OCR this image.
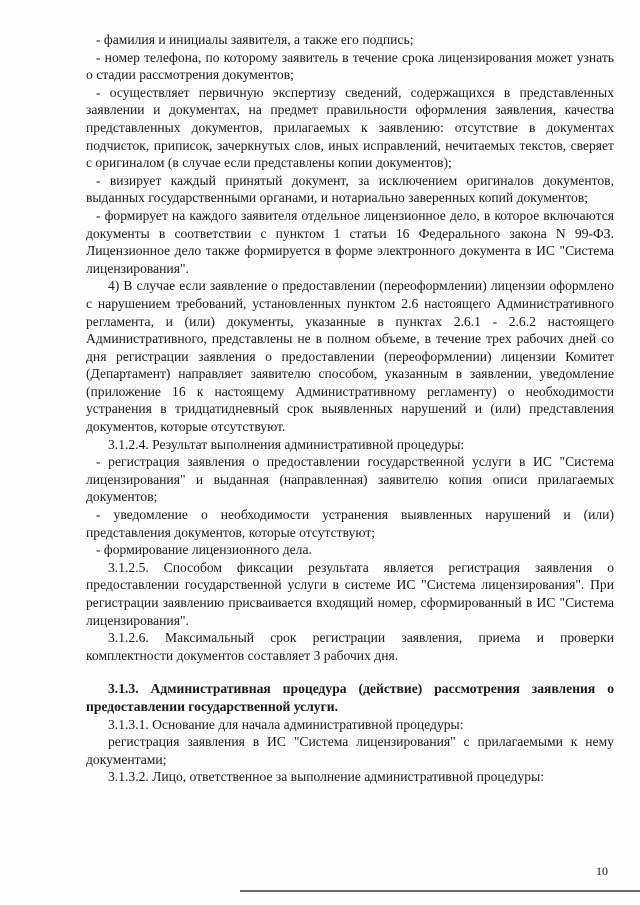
- фамилия и инициалы заявителя, а также его подпись;

- номер телефона, по которому заявитель в течение срока лицензирования может узнать о стадии рассмотрения документов;

- осуществляет первичную экспертизу сведений, содержащихся в представленных заявлении и документах, на предмет правильности оформления заявления, качества представленных документов, прилагаемых к заявлению: отсутствие в документах подчисток, приписок, зачеркнутых слов, иных исправлений, нечитаемых текстов, сверяет с оригиналом (в случае если представлены копии документов);

- визирует каждый принятый документ, за исключением оригиналов документов, выданных государственными органами, и нотариально заверенных копий документов;

- формирует на каждого заявителя отдельное лицензионное дело, в которое включаются документы в соответствии с пунктом 1 статьи 16 Федерального закона N 99-ФЗ. Лицензионное дело также формируется в форме электронного документа в ИС "Система лицензирования".

4) В случае если заявление о предоставлении (переоформлении) лицензии оформлено с нарушением требований, установленных пунктом 2.6 настоящего Административного регламента, и (или) документы, указанные в пунктах 2.6.1 - 2.6.2 настоящего Административного, представлены не в полном объеме, в течение трех рабочих дней со дня регистрации заявления о предоставлении (переоформлении) лицензии Комитет (Департамент) направляет заявителю способом, указанным в заявлении, уведомление (приложение 16 к настоящему Административному регламенту) о необходимости устранения в тридцатидневный срок выявленных нарушений и (или) представления документов, которые отсутствуют.

3.1.2.4. Результат выполнения административной процедуры:

- регистрация заявления о предоставлении государственной услуги в ИС "Система лицензирования" и выданная (направленная) заявителю копия описи прилагаемых документов;

- уведомление о необходимости устранения выявленных нарушений и (или) представления документов, которые отсутствуют;

- формирование лицензионного дела.

3.1.2.5. Способом фиксации результата является регистрация заявления о предоставлении государственной услуги в системе ИС "Система лицензирования". При регистрации заявлению присваивается входящий номер, сформированный в ИС "Система лицензирования".

3.1.2.6. Максимальный срок регистрации заявления, приема и проверки комплектности документов составляет 3 рабочих дня.

3.1.3. Административная процедура (действие) рассмотрения заявления о предоставлении государственной услуги.

3.1.3.1. Основание для начала административной процедуры:

регистрация заявления в ИС "Система лицензирования" с прилагаемыми к нему документами;

3.1.3.2. Лицо, ответственное за выполнение административной процедуры:

10
